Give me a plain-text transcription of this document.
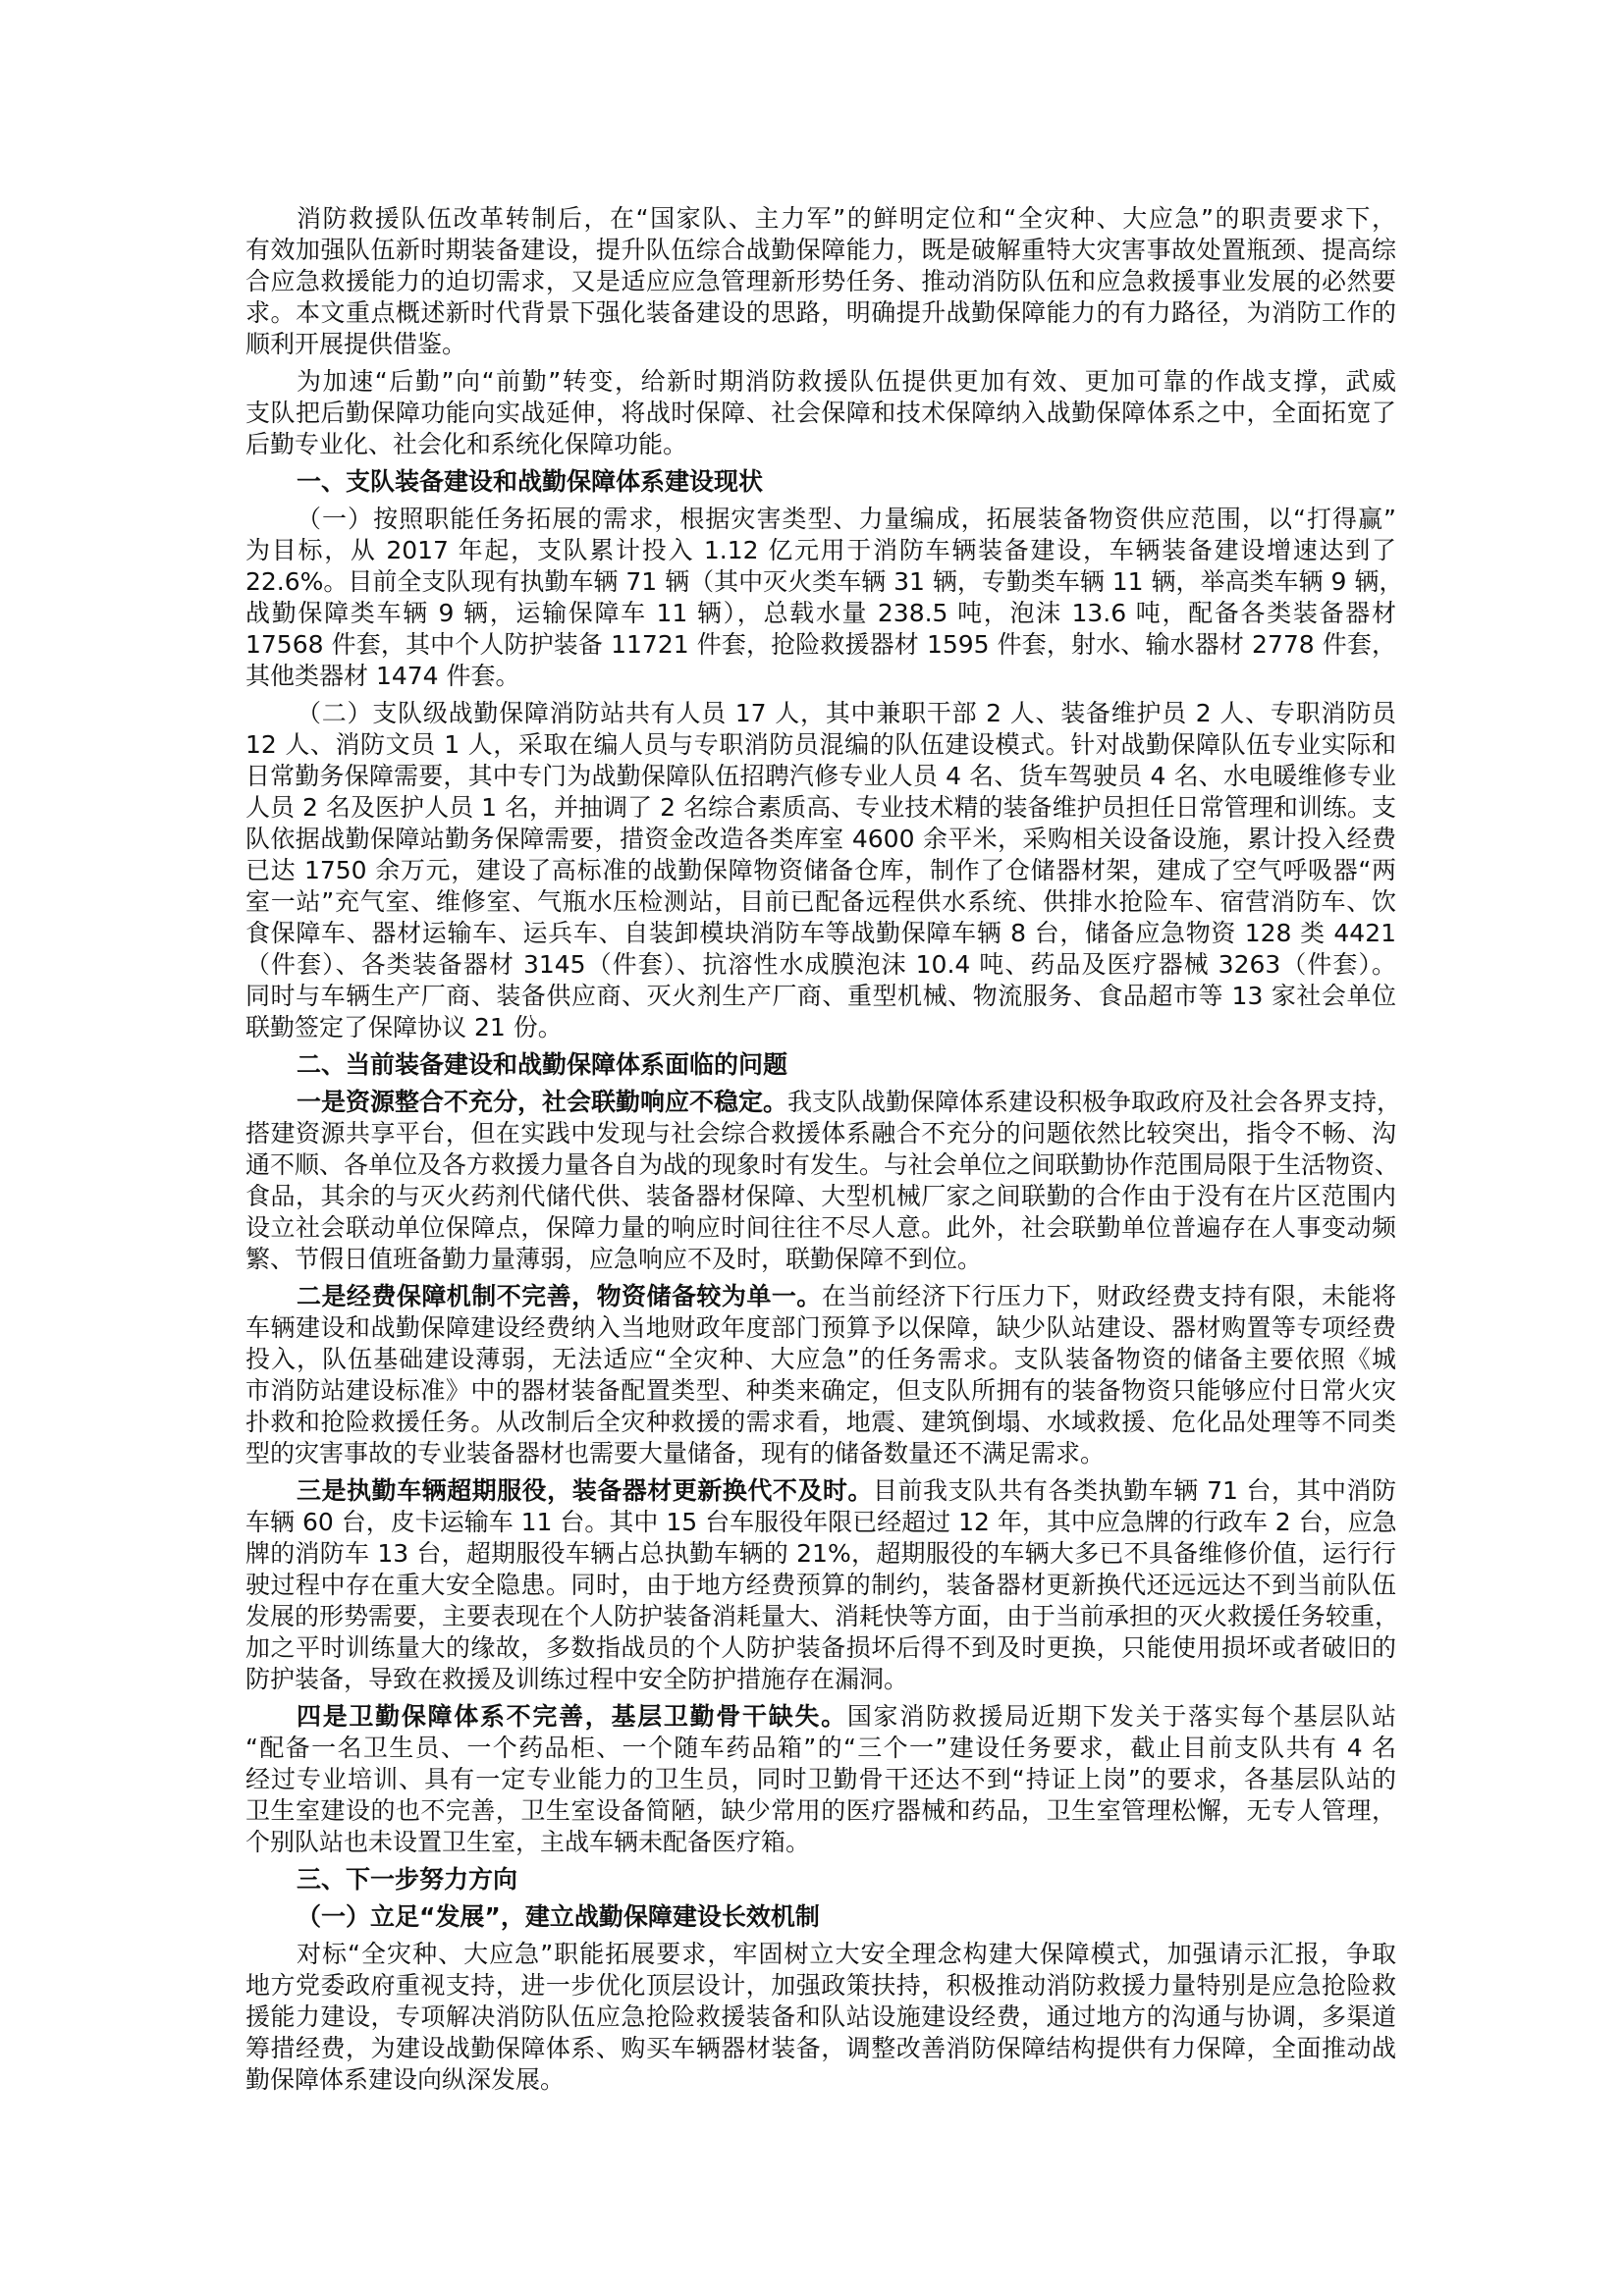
消防救援队伍改革转制后，在“国家队、主力军”的鲜明定位和“全灾种、大应急”的职责要求下，
有效加强队伍新时期装备建设，提升队伍综合战勤保障能力，既是破解重特大灾害事故处置瓶颈、提高综
合应急救援能力的迫切需求，又是适应应急管理新形势任务、推动消防队伍和应急救援事业发展的必然要
求。本文重点概述新时代背景下强化装备建设的思路，明确提升战勤保障能力的有力路径，为消防工作的
顺利开展提供借鉴。
为加速“后勤”向“前勤”转变，给新时期消防救援队伍提供更加有效、更加可靠的作战支撑，武威
支队把后勤保障功能向实战延伸，将战时保障、社会保障和技术保障纳入战勤保障体系之中，全面拓宽了
后勤专业化、社会化和系统化保障功能。
一、支队装备建设和战勤保障体系建设现状
（一）按照职能任务拓展的需求，根据灾害类型、力量编成，拓展装备物资供应范围，以“打得赢”
为目标，从 2017 年起，支队累计投入 1.12 亿元用于消防车辆装备建设，车辆装备建设增速达到了
22.6%。目前全支队现有执勤车辆 71 辆（其中灭火类车辆 31 辆，专勤类车辆 11 辆，举高类车辆 9 辆，
战勤保障类车辆 9 辆，运输保障车 11 辆），总载水量 238.5 吨，泡沫 13.6 吨，配备各类装备器材
17568 件套，其中个人防护装备 11721 件套，抢险救援器材 1595 件套，射水、输水器材 2778 件套，
其他类器材 1474 件套。
（二）支队级战勤保障消防站共有人员 17 人，其中兼职干部 2 人、装备维护员 2 人、专职消防员
12 人、消防文员 1 人，采取在编人员与专职消防员混编的队伍建设模式。针对战勤保障队伍专业实际和
日常勤务保障需要，其中专门为战勤保障队伍招聘汽修专业人员 4 名、货车驾驶员 4 名、水电暖维修专业
人员 2 名及医护人员 1 名，并抽调了 2 名综合素质高、专业技术精的装备维护员担任日常管理和训练。支
队依据战勤保障站勤务保障需要，措资金改造各类库室 4600 余平米，采购相关设备设施，累计投入经费
已达 1750 余万元，建设了高标准的战勤保障物资储备仓库，制作了仓储器材架，建成了空气呼吸器“两
室一站”充气室、维修室、气瓶水压检测站，目前已配备远程供水系统、供排水抢险车、宿营消防车、饮
食保障车、器材运输车、运兵车、自装卸模块消防车等战勤保障车辆 8 台，储备应急物资 128 类 4421
（件套）、各类装备器材 3145（件套）、抗溶性水成膜泡沫 10.4 吨、药品及医疗器械 3263（件套）。
同时与车辆生产厂商、装备供应商、灭火剂生产厂商、重型机械、物流服务、食品超市等 13 家社会单位
联勤签定了保障协议 21 份。
二、当前装备建设和战勤保障体系面临的问题
一是资源整合不充分，社会联勤响应不稳定。我支队战勤保障体系建设积极争取政府及社会各界支持，
搭建资源共享平台，但在实践中发现与社会综合救援体系融合不充分的问题依然比较突出，指令不畅、沟
通不顺、各单位及各方救援力量各自为战的现象时有发生。与社会单位之间联勤协作范围局限于生活物资、
食品，其余的与灭火药剂代储代供、装备器材保障、大型机械厂家之间联勤的合作由于没有在片区范围内
设立社会联动单位保障点，保障力量的响应时间往往不尽人意。此外，社会联勤单位普遍存在人事变动频
繁、节假日值班备勤力量薄弱，应急响应不及时，联勤保障不到位。
二是经费保障机制不完善，物资储备较为单一。在当前经济下行压力下，财政经费支持有限，未能将
车辆建设和战勤保障建设经费纳入当地财政年度部门预算予以保障，缺少队站建设、器材购置等专项经费
投入，队伍基础建设薄弱，无法适应“全灾种、大应急”的任务需求。支队装备物资的储备主要依照《城
市消防站建设标准》中的器材装备配置类型、种类来确定，但支队所拥有的装备物资只能够应付日常火灾
扑救和抢险救援任务。从改制后全灾种救援的需求看，地震、建筑倒塌、水域救援、危化品处理等不同类
型的灾害事故的专业装备器材也需要大量储备，现有的储备数量还不满足需求。
三是执勤车辆超期服役，装备器材更新换代不及时。目前我支队共有各类执勤车辆 71 台，其中消防
车辆 60 台，皮卡运输车 11 台。其中 15 台车服役年限已经超过 12 年，其中应急牌的行政车 2 台，应急
牌的消防车 13 台，超期服役车辆占总执勤车辆的 21%，超期服役的车辆大多已不具备维修价值，运行行
驶过程中存在重大安全隐患。同时，由于地方经费预算的制约，装备器材更新换代还远远达不到当前队伍
发展的形势需要，主要表现在个人防护装备消耗量大、消耗快等方面，由于当前承担的灭火救援任务较重，
加之平时训练量大的缘故，多数指战员的个人防护装备损坏后得不到及时更换，只能使用损坏或者破旧的
防护装备，导致在救援及训练过程中安全防护措施存在漏洞。
四是卫勤保障体系不完善，基层卫勤骨干缺失。国家消防救援局近期下发关于落实每个基层队站
“配备一名卫生员、一个药品柜、一个随车药品箱”的“三个一”建设任务要求，截止目前支队共有 4 名
经过专业培训、具有一定专业能力的卫生员，同时卫勤骨干还达不到“持证上岗”的要求，各基层队站的
卫生室建设的也不完善，卫生室设备简陋，缺少常用的医疗器械和药品，卫生室管理松懈，无专人管理，
个别队站也未设置卫生室，主战车辆未配备医疗箱。
三、下一步努力方向
（一）立足“发展”，建立战勤保障建设长效机制
对标“全灾种、大应急”职能拓展要求，牢固树立大安全理念构建大保障模式，加强请示汇报，争取
地方党委政府重视支持，进一步优化顶层设计，加强政策扶持，积极推动消防救援力量特别是应急抢险救
援能力建设，专项解决消防队伍应急抢险救援装备和队站设施建设经费，通过地方的沟通与协调，多渠道
筹措经费，为建设战勤保障体系、购买车辆器材装备，调整改善消防保障结构提供有力保障，全面推动战
勤保障体系建设向纵深发展。
